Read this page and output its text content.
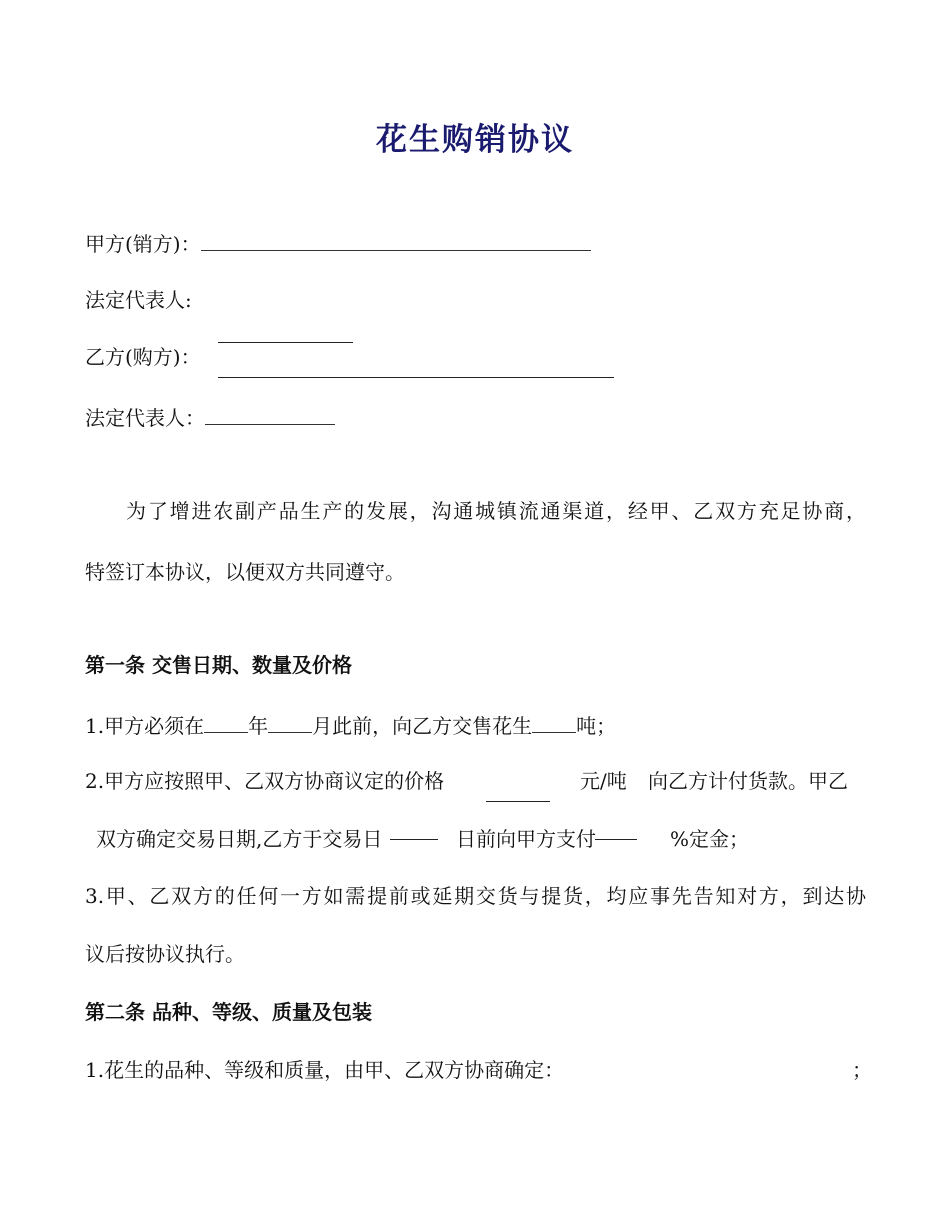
花生购销协议
甲方(销方)：
法定代表人:
乙方(购方)：
法定代表人：
为了增进农副产品生产的发展，沟通城镇流通渠道，经甲、乙双方充足协商，
特签订本协议，以便双方共同遵守。
第一条 交售日期、数量及价格
1.甲方必须在 年 月此前，向乙方交售花生 吨；
2.甲方应按照甲、乙双方协商议定的价格	元/吨 向乙方计付货款。甲乙
双方确定交易日期,乙方于交易日	日前向甲方支付	%定金；
3.甲、乙双方的任何一方如需提前或延期交货与提货，均应事先告知对方，到达协
议后按协议执行。
第二条 品种、等级、质量及包装
1.花生的品种、等级和质量，由甲、乙双方协商确定：	；
